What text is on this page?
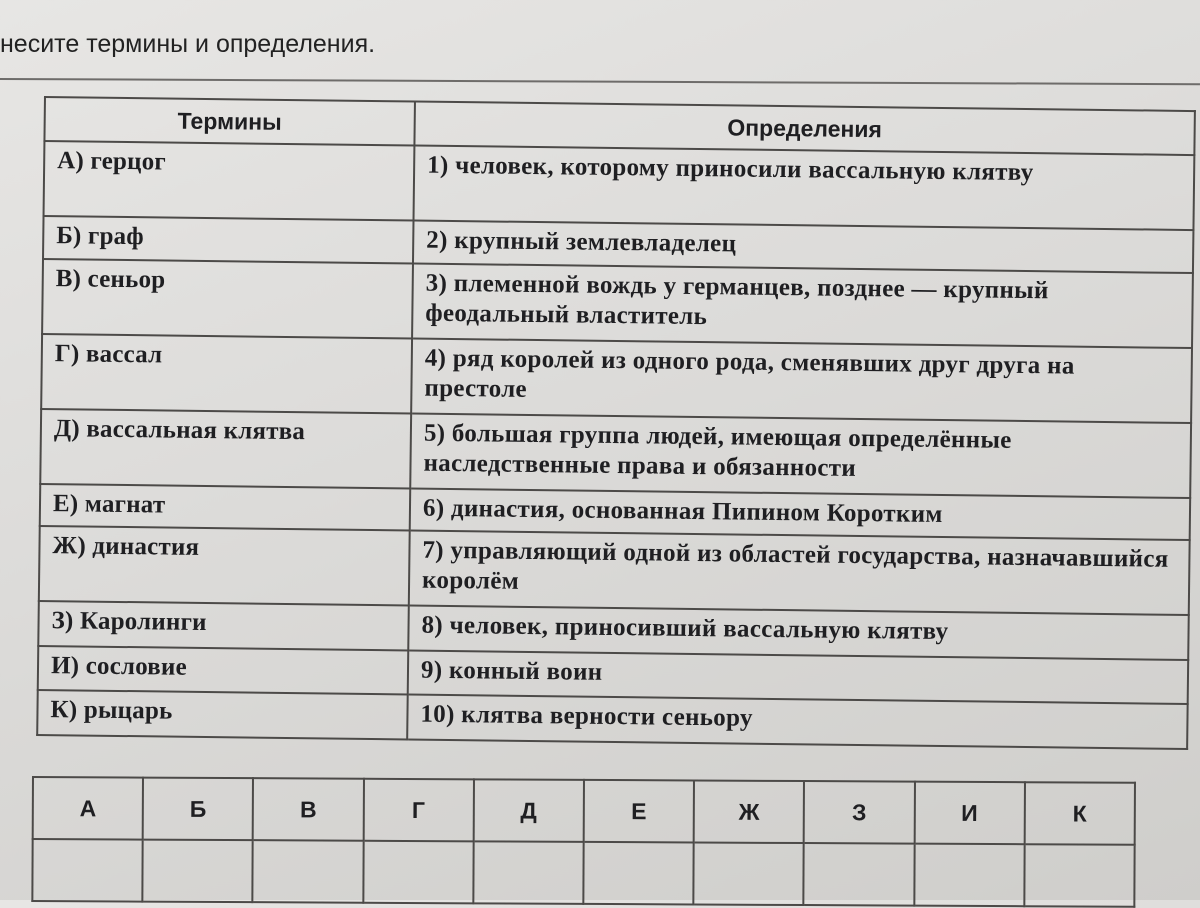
несите термины и определения.
Термины	Определения
А) герцог	1) человек, которому приносили вассальную клятву
Б) граф	2) крупный землевладелец
В) сеньор	3) племенной вождь у германцев, позднее — крупный феодальный властитель
Г) вассал	4) ряд королей из одного рода, сменявших друг друга на престоле
Д) вассальная клятва	5) большая группа людей, имеющая определённые наследственные права и обязанности
Е) магнат	6) династия, основанная Пипином Коротким
Ж) династия	7) управляющий одной из областей государства, назначавшийся королём
З) Каролинги	8) человек, приносивший вассальную клятву
И) сословие	9) конный воин
К) рыцарь	10) клятва верности сеньору
А	Б	В	Г	Д	Е	Ж	З	И	К
